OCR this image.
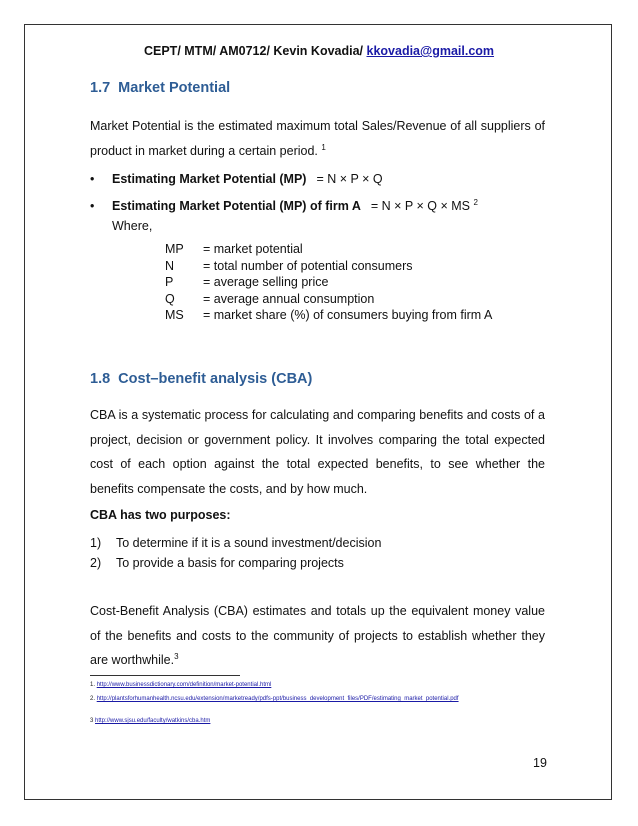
CEPT/ MTM/ AM0712/ Kevin Kovadia/ kkovadia@gmail.com
1.7 Market Potential
Market Potential is the estimated maximum total Sales/Revenue of all suppliers of product in market during a certain period. $^1$
• Estimating Market Potential (MP) = N × P × Q
• Estimating Market Potential (MP) of firm A = N × P × Q × MS $^2$
Where,
MP	= market potential
N	= total number of potential consumers
P	= average selling price
Q	= average annual consumption
MS	= market share (%) of consumers buying from firm A
1.8 Cost–benefit analysis (CBA)
CBA is a systematic process for calculating and comparing benefits and costs of a project, decision or government policy. It involves comparing the total expected cost of each option against the total expected benefits, to see whether the benefits compensate the costs, and by how much.
CBA has two purposes:
1) To determine if it is a sound investment/decision
2) To provide a basis for comparing projects
Cost-Benefit Analysis (CBA) estimates and totals up the equivalent money value of the benefits and costs to the community of projects to establish whether they are worthwhile.$^3$
1. http://www.businessdictionary.com/definition/market-potential.html
2. http://plantsforhumanhealth.ncsu.edu/extension/marketready/pdfs-ppt/business_development_files/PDF/estimating_market_potential.pdf
3 http://www.sjsu.edu/faculty/watkins/cba.htm
19
